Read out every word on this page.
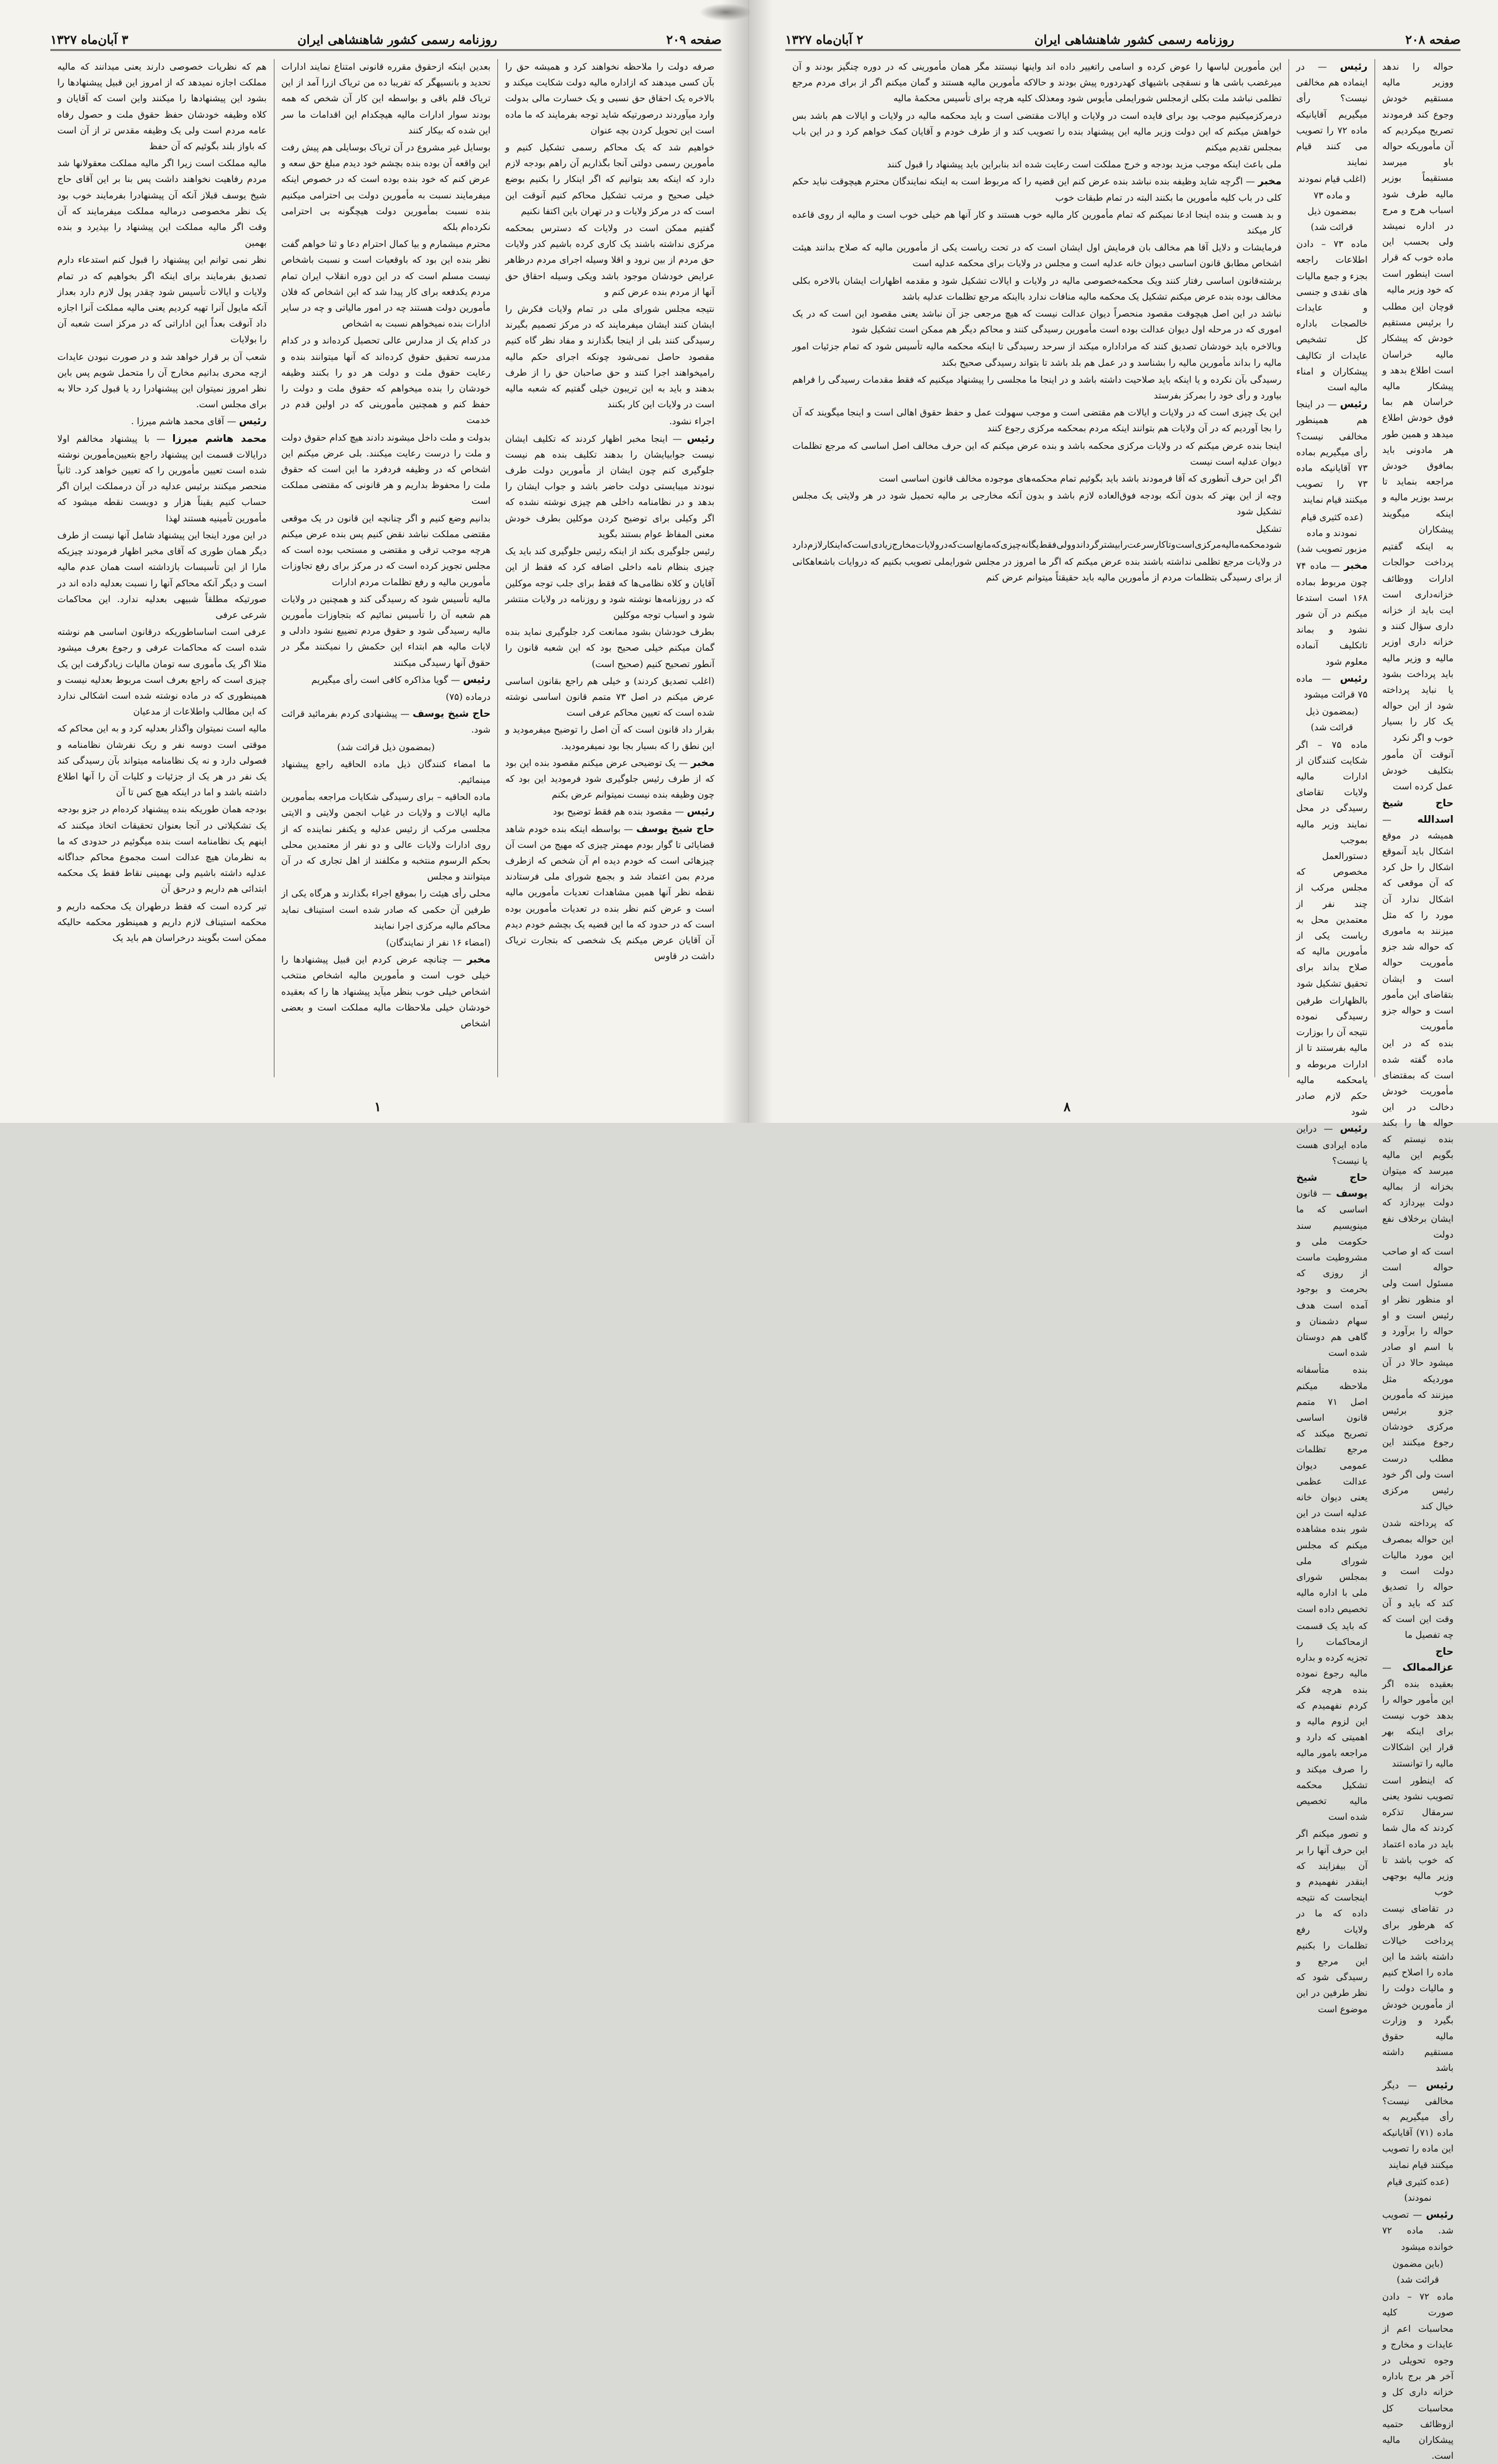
صفحه ۲۰۹
روزنامه رسمی کشور شاهنشاهی ایران
۳ آبان‌ماه ۱۳۲۷

صرفه دولت را ملاحظه نخواهند کرد و همیشه حق را بآن کسی میدهند که ازاداره مالیه دولت شکایت میکند و بالاخره یک احقاق حق نسبی و یک خسارت مالی بدولت وارد میآوردند درصورتیکه شاید توجه بفرمایند که ما ماده است این تحویل کردن بچه عنوان

خواهیم شد که یک محاکم رسمی تشکیل کنیم و مأمورین رسمی دولتی آنجا بگذاریم آن راهم بودجه لازم دارد که اینکه بعد بتوانیم که اگر اینکار را بکنیم بوضع خیلی صحیح و مرتب تشکیل محاکم کنیم آنوقت این است که در مرکز ولایات و در تهران باین اکتفا نکنیم

گفتیم ممکن است در ولایات که دسترس بمحکمه مرکزی نداشته باشند یک کاری کرده باشیم کدر ولایات حق مردم از بین نرود و اقلا وسیله اجرای مردم درظاهر عرایض خودشان موجود باشد ویکی وسیله احقاق حق آنها از مردم بنده عرض کنم و

نتیجه مجلس شورای ملی در تمام ولایات فکرش را ایشان کنند ایشان میفرمایند که در مرکز تصمیم بگیرند رسیدگی کنند بلی از اینجا بگذارند و مفاد نظر گاه کنیم مقصود حاصل نمی‌شود چونکه اجرای حکم مالیه رامیخواهند اجرا کنند و حق صاحبان حق را از طرف بدهند و باید به این تریبون خیلی گفتیم که شعبه مالیه است در ولایات این کار بکنند

اجراء نشود.

رئیس — اینجا مخبر اظهار کردند که تکلیف ایشان نیست جوابیایشان را بدهند تکلیف بنده هم نیست جلوگیری کنم چون ایشان از مأمورین دولت طرف نبودند میبایستی دولت حاضر باشد و جواب ایشان را بدهد و در نظامنامه داخلی هم چیزی نوشته نشده که اگر وکیلی برای توضیح کردن موکلین بطرف خودش معنی المفاظ عوام بستند بگوید

رئیس جلوگیری بکند از اینکه رئیس جلوگیری کند باید یک چیزی بنظام نامه داخلی اضافه کرد که فقط از این آقایان و کلاه نظامی‌ها که فقط برای جلب توجه موکلین که در روزنامه‌ها نوشته شود و روزنامه در ولایات منتشر شود و اسباب توجه موکلین

بطرف خودشان بشود ممانعت کرد جلوگیری نماید بنده گمان میکنم خیلی صحیح بود که این شعبه قانون را آنطور تصحیح کنیم (صحیح است)

(اغلب تصدیق کردند) و خیلی هم راجع بقانون اساسی عرض میکنم در اصل ۷۳ متمم قانون اساسی نوشته شده است که تعیین محاکم عرفی است

بقرار داد قانون است که آن اصل را توضیح میفرمودید و این نطق را که بسیار بجا بود نمیفرمودید.

مخبر — یک توضیحی عرض میکنم مقصود بنده این بود که از طرف رئیس جلوگیری شود فرمودید این بود که چون وظیفه بنده نیست نمیتوانم عرض بکنم

رئیس — مقصود بنده هم فقط توضیح بود

حاج شیخ یوسف — بواسطه اینکه بنده خودم شاهد قضایائی تا گوار بودم مهمتر چیزی که مهیج من است آن چیزهائی است که خودم دیده ام آن شخص که ازطرف مردم بمن اعتماد شد و بجمع شورای ملی فرستادند نقطه نظر آنها همین مشاهدات تعدیات مأمورین مالیه است و عرض کنم نظر بنده در تعدیات مأمورین بوده است که در حدود که ما این قضیه یک بچشم خودم دیدم آن آقایان عرض میکنم یک شخصی که بتجارت تریاک داشت در قاوس

بعدین اینکه ازحقوق مقرره قانونی امتناع نمایند ادارات تحدید و بانسیهگر که تفریبا ده من تریاک ازرا آمد از این تریاک قلم باقی و بواسطه این کار آن شخص که همه بودند سوار ادارات مالیه هیچکدام این اقدامات ما سر این شده که بیکار کنند

بوسایل غیر مشروع در آن تریاک بوسایلی هم پیش رفت این واقعه آن بوده بنده بچشم خود دیدم مبلغ حق سعه و عرض کنم که خود بنده بوده است که در خصوص اینکه میفرمایند نسبت به مأمورین دولت بی احترامی میکنیم بنده نسبت بمأمورین دولت هیچگونه بی احترامی نکرده‌ام بلکه

محترم میشمارم و بیا کمال احترام دعا و ثنا خواهم گفت نظر بنده این بود که باوقعیات است و نسبت باشخاص نیست مسلم است که در این دوره انقلاب ایران تمام مردم یکدفعه برای کار پیدا شد که این اشخاص که فلان مأمورین دولت هستند چه در امور مالیاتی و چه در سایر ادارات بنده نمیخواهم نسبت به اشخاص

در کدام یک از مدارس عالی تحصیل کرده‌اند و در کدام مدرسه تحقیق حقوق کرده‌اند که آنها میتوانند بنده و رعایت حقوق ملت و دولت هر دو را بکنند وظیفه خودشان را بنده میخواهم که حقوق ملت و دولت را حفظ کنم و همچنین مأمورینی که در اولین قدم در خدمت

بدولت و ملت داخل میشوند دادند هیچ کدام حقوق دولت و ملت را درست رعایت میکنند. بلی عرض میکنم این اشخاص که در وظیفه فردفرد ما این است که حقوق ملت را محفوظ بداریم و هر قانونی که مقتضی مملکت است

بدانیم وضع کنیم و اگر چنانچه این قانون در یک موقعی مقتضی مملکت نباشد نقض کنیم پس بنده عرض میکنم هرچه موجب ترقی و مقتضی و مستحب بوده است که مجلس تجویز کرده است که در مرکز برای رفع تجاوزات مأمورین مالیه و رفع تظلمات مردم ادارات

مالیه تأسیس شود که رسیدگی کند و همچنین در ولایات هم شعبه آن را تأسیس نمائیم که بتجاوزات مأمورین مالیه رسیدگی شود و حقوق مردم تضییع نشود دادلی و لایات مالیه هم ابتداء این حکمش را نمیکنند مگر در حقوق آنها رسیدگی میکنند

رئیس — گویا مذاکره کافی است رأی میگیریم

درماده (۷۵)

حاج شیخ یوسف — پیشنهادی کردم بفرمائید قرائت شود.

(بمضمون ذیل قرائت شد)

ما امضاء کنندگان ذیل ماده الحاقیه راجع پیشنهاد مینمائیم.

ماده الحاقیه – برای رسیدگی شکایات مراجعه بمأمورین مالیه ایالات و ولایات در غیاب انجمن ولایتی و الایتی مجلسی مرکب از رئیس عدلیه و یکنفر نماینده که از روی ادارات ولایات عالی و دو نفر از معتمدین محلی بحکم الرسوم منتخبه و مکلفند از اهل تجاری که در آن میتوانند و مجلس

محلی رأی هیئت را بموقع اجراء بگذارند و هرگاه یکی از طرفین آن حکمی که صادر شده است استیناف نماید محاکم مالیه مرکزی اجرا نمایند

(امضاء ۱۶ نفر از نمایندگان)

مخبر — چنانچه عرض کردم این قبیل پیشنهادها را خیلی خوب است و مأمورین مالیه اشخاص منتخب اشخاص خیلی خوب بنظر میآید پیشنهاد ها را که بعقیده خودشان خیلی ملاحظات مالیه مملکت است و بعضی اشخاص

هم که نظریات خصوصی دارند یعنی میدانند که مالیه مملکت اجازه نمیدهد که از امروز این قبیل پیشنهادها را بشود این پیشنهادها را میکنند واین است که آقایان و کلاه وظیفه خودشان حفظ حقوق ملت و حصول رفاه عامه مردم است ولی یک وظیفه مقدس تر از آن است که باواز بلند بگوئیم که آن حفظ

مالیه مملکت است زیرا اگر مالیه مملکت معقولانها شد مردم رفاهیت نخواهند داشت پس بنا بر این آقای حاج شیخ یوسف قبلاز آنکه آن پیشنهادرا بفرمایند خوب بود یک نظر مخصوصی درمالیه مملکت میفرمایند که آن وقت اگر مالیه مملکت این پیشنهاد را بپذیرد و بنده بهمین

نظر نمی توانم این پیشنهاد را قبول کنم استدعاء دارم تصدیق بفرمایند برای اینکه اگر بخواهیم که در تمام ولایات و ایالات تأسیس شود چقدر پول لازم دارد بعداز آنکه مایول آنرا تهیه کردیم یعنی مالیه مملکت آنرا اجازه داد آنوقت بعداً این اداراتی که در مرکز است شعبه آن را بولایات

شعب آن بر قرار خواهد شد و در صورت نبودن عایدات ازچه محری بدانیم مخارج آن را متحمل شویم پس باین نظر امروز نمیتوان این پیشنهادرا رد یا قبول کرد حالا به برای مجلس است.

رئیس — آقای محمد هاشم میرزا .

محمد هاشم میرزا — با پیشنهاد مخالفم اولا درایالات‌ قسمت این پیشنهاد راجع بتعیین‌مأمورین نوشته شده است تعیین مأمورین را که تعیین خواهد کرد. ثانیاً منحصر میکنند برئیس عدلیه در آن درمملکت ایران اگر حساب کنیم یقیناً هزار و دویست نقطه میشود که مأمورین تأمینیه هستند لهذا

در این مورد اینجا این پیشنهاد شامل آنها نیست از طرف دیگر همان طوری که آقای مخبر اظهار فرمودند چیزیکه مارا از این تأسیسات بازداشته است همان عدم مالیه است و دیگر آنکه محاکم آنها را نسبت بعدلیه داده اند در صورتیکه مطلقاً شبیهی بعدلیه ندارد. این محاکمات شرعی عرفی

عرفی است اساساطوریکه درقانون اساسی هم نوشته شده است که محاکمات عرفی و رجوع بعرف میشود مثلا اگر یک مأموری سه تومان مالیات زیادگرفت این یک چیزی است که راجع بعرف است مربوط بعدلیه نیست و همینطوری که در ماده نوشته شده است اشکالی ندارد که این مطالب واطلاعات از مدعیان

مالیه است نمیتوان واگذار بعدلیه کرد و به این محاکم که موقتی است دوسه نفر و ریک نفرشان نظامنامه و فصولی دارد و نه یک نظامنامه میتواند بآن رسیدگی کند یک نفر در هر یک از جزئیات و کلیات آن را آنها اطلاع داشته باشد و اما در اینکه هیچ کس تا آن

بودجه همان طوریکه بنده پیشنهاد کرده‌ام در جزو بودجه یک تشکیلاتی در آنجا بعنوان تحقیقات اتخاذ میکنند که اینهم یک نظامنامه است بنده میگوئیم در حدودی که ما به نظرمان هیچ عدالت است مجموع محاکم جداگانه عدلیه داشته باشیم ولی بهمینی نقاط فقط یک محکمه ابتدائی هم داریم و درحق آن

تیر کرده است که فقط درطهران یک محکمه داریم و محکمه استیناف لازم داریم و همینطور محکمه حالیکه ممکن است بگویند درخراسان هم باید یک

۱
صفحه ۲۰۸
روزنامه رسمی کشور شاهنشاهی ایران
۲ آبان‌ماه ۱۳۲۷

حواله را ندهد ووزیر مالیه مستقیم خودش وجوع کند فرمودند تصریح میکردیم که آن مأموریکه حواله باو میرسد مستقیماً بوزیر مالیه طرف شود اسباب هرج و مرج در اداره نمیشد ولی بحسب این ماده خوب که قرار است اینطور است که خود وزیر مالیه

قوچان این مطلب را برئیس مستقیم خودش که پیشکار مالیه خراسان است اطلاع بدهد و پیشکار مالیه خراسان هم بما فوق خودش اطلاع میدهد و همین طور هر مادونی باید بمافوق خودش مراجعه بنماید تا برسد بوزیر مالیه و اینکه میگویند پیشکاران

به اینکه گفتیم پرداخت حوالجات ادارات ووظائف خزانه‌داری است ایت باید از خزانه داری سؤال کنند و خزانه داری اوزیر مالیه و وزیر مالیه باید پرداخت بشود یا نباید پرداخته شود از این حواله یک کار را بسیار خوب و اگر نکرد

آنوقت آن مأمور بتکلیف خودش عمل کرده است

حاج شیخ اسدالله — همیشه در موقع اشکال باید آنموقع اشکال را حل کرد که آن موقعی که اشکال ندارد آن مورد را که مثل میزنند به ماموری که حواله شد جزو مأموریت حواله است و ایشان بتقاضای این مأمور است و حواله جزو مأموریت

بنده که در این ماده گفته شده است که بمقتضای مأموریت خودش دخالت در این حواله ها را بکند بنده نیستم که بگویم این مالیه میرسد که میتوان بخزانه از بمالیه دولت بپردازد که ایشان برخلاف نفع دولت

است که او صاحب حواله است مسئول است ولی او منظور نظر او رئیس است و او حواله را برآورد و با اسم او صادر میشود حالا در آن موردیکه مثل میزنند که مأمورین جزو برئیس مرکزی خودشان رجوع میکنند این مطلب درست است ولی اگر خود رئیس مرکزی خیال کند

که پرداخته شدن این حواله بمصرف این مورد مالیات دولت است و حواله را تصدیق کند که باید و آن وقت این است که چه تفصیل ما

حاج عزالممالک — بعقیده بنده اگر این مأمور حواله را بدهد خوب نیست برای اینکه بهر قرار این اشکالات مالیه را توانستند

که اینطور است تصویب نشود یعنی سرمقال تذکره کردند که مال شما باید در ماده اعتماد که خوب باشد تا وزیر مالیه بوجهی خوب

در تقاضای نیست که هرطور برای پرداخت خیالات داشته باشد ما این ماده را اصلاح کنیم و مالیات دولت را از مأمورین خودش بگیرد و وزارت مالیه حقوق مستقیم داشته باشد

رئیس — دیگر مخالفی نیست؟ رأی میگیریم به ماده (۷۱) آقایانیکه این ماده را تصویب میکنند قیام نمایند

(عده کثیری قیام نمودند)

رئیس — تصویب شد. ماده ۷۲ خوانده میشود

(باین مضمون قرائت شد)

ماده ۷۲ – دادن صورت کلیه محاسبات اعم از عایدات و مخارج و وجوه تحویلی در آخر هر برج باداره خزانه داری کل و محاسبات کل ازوظائف حتمیه پیشکاران مالیه است.

رئیس — در اینماده هم مخالفی نیست؟ رأی میگیریم آقایانیکه ماده ۷۲ را تصویب می کنند قیام نمایند

(اغلب قیام نمودند و ماده ۷۳ بمضمون ذیل قرائت شد)

ماده ۷۳ – دادن اطلاعات راجعه بجزء و جمع مالیات های نقدی و جنسی و عایدات خالصجات باداره کل تشخیص عایدات از تکالیف پیشکاران و امناء مالیه است

رئیس — در اینجا هم همینطور مخالفی نیست؟ رأی میگیریم بماده ۷۳ آقایانیکه ماده ۷۳ را تصویب میکنند قیام نمایند

(عده کثیری قیام نمودند و ماده مزبور تصویب شد)

مخبر — ماده ۷۴ چون مربوط بماده ۱۶۸ است استدعا میکنم در آن شور نشود و بماند تاتکلیف آنماده معلوم شود

رئیس — ماده ۷۵ قرائت میشود

(بمضمون ذیل قرائت شد)

ماده ۷۵ – اگر شکایت کنندگان از ادارات مالیه ولایات تقاضای رسیدگی در محل نمایند وزیر مالیه بموجب دستورالعمل مخصوص که مجلس مرکب از چند نفر از معتمدین محل به ریاست یکی از مأمورین مالیه که صلاح بداند برای تحقیق تشکیل شود

بالظهارات طرفین رسیدگی نموده نتیجه آن را بوزارت مالیه بفرستند تا از ادارات مربوطه و یامحکمه مالیه حکم لازم صادر شود

رئیس — دراین ماده ایرادی هست یا نیست؟

حاج شیخ یوسف — قانون اساسی که ما مینویسیم سند حکومت ملی و مشروطیت ماست از روزی که بحرمت و بوجود آمده است هدف سهام دشمنان و گاهی هم دوستان شده است

بنده متأسفانه ملاحظه میکنم اصل ۷۱ متمم قانون اساسی تصریح میکند که مرجع تظلمات عمومی دیوان عدالت عظمی یعنی دیوان خانه عدلیه است در این شور بنده مشاهده میکنم که مجلس شورای ملی بمجلس شورای ملی با اداره مالیه تخصیص داده است

که باید یک قسمت ازمحاکمات را تجزیه کرده و بداره مالیه رجوع نموده بنده هرچه فکر کردم نفهمیدم که این لزوم مالیه و اهمیتی که دارد و مراجعه بامور مالیه را صرف میکند و تشکیل محکمه مالیه تخصیص شده است

و تصور میکنم اگر این حرف آنها را بر آن بیفزایند که اینقدر نفهمیدم و اینجاست که نتیجه داده که ما در ولایات رفع تظلمات را بکنیم این مرجع و رسیدگی شود که نظر طرفین در این موضوع است

این مأمورین لباسها را عوض کرده و اسامی راتغییر داده اند واینها نیستند مگر همان مأمورینی که در دوره چنگیز بودند و آن میرغضب باشی ها و نسقچی باشیهای کهدردوره پیش بودند و حالاکه مأمورین مالیه هستند و گمان میکنم اگر از برای مردم مرجع تظلمی نباشد ملت بکلی ازمجلس شورایملی مأیوس شود ومعذلک کلیه هرچه برای تأسیس محکمهٔ مالیه

درمرکزمیکنیم موجب بود برای فایده است در ولایات و ایالات مقتضی است و باید محکمه مالیه در ولایات و ایالات هم باشد بس خواهش میکنم که این دولت وزیر مالیه این پیشنهاد بنده را تصویب کند و از طرف خودم و آقایان کمک خواهم کرد و در این باب بمجلس تقدیم میکنم

ملی باعث اینکه موجب مزید بودجه و خرج مملکت است رعایت شده اند بنابراین باید پیشنهاد را قبول کنند

مخبر — اگرچه شاید وظیفه بنده نباشد بنده عرض کنم این قضیه را که مربوط است به اینکه نمایندگان محترم هیچوقت نباید حکم کلی در باب کلیه مأمورین ما بکنند البته در تمام طبقات خوب

و بد هست و بنده اینجا ادعا نمیکنم که تمام مأمورین کار مالیه خوب هستند و کار آنها هم خیلی خوب است و مالیه از روی قاعده کار میکند

فرمایشات و دلایل آقا هم مخالف بان فرمایش اول ایشان است که در تحت ریاست یکی از مأمورین مالیه که صلاح بدانند هیئت اشخاص مطابق قانون اساسی دیوان خانه عدلیه است و مجلس در ولایات برای محکمه عدلیه است

برشته‌قانون اساسی رفتار کنند ویک محکمه‌خصوصی مالیه در ولایات و ایالات تشکیل شود و مقدمه اظهارات ایشان بالاخره بکلی مخالف بوده بنده عرض میکنم تشکیل یک محکمه مالیه منافات ندارد بااینکه مرجع تظلمات عدلیه باشد

نباشد در این اصل هیچوقت مقصود منحصراً دیوان عدالت نیست که هیچ مرجعی جز آن نباشد یعنی مقصود این است که در یک اموری که در مرحله اول دیوان عدالت بوده است مأمورین رسیدگی کنند و محاکم دیگر هم ممکن است تشکیل شود

وبالاخره باید خودشان تصدیق کنند که مراداداره میکند از سرحد رسیدگی تا اینکه محکمه مالیه تأسیس شود که تمام جزئیات امور مالیه را بداند مأمورین مالیه را بشناسد و در عمل هم بلد باشد تا بتواند رسیدگی صحیح بکند

رسیدگی بآن نکرده و یا اینکه باید صلاحیت داشته باشد و در اینجا ما مجلسی را پیشنهاد میکنیم که فقط مقدمات رسیدگی را فراهم بیاورد و رأی خود را بمرکز بفرستد

این یک چیزی است که در ولایات و ایالات هم مقتضی است و موجب سهولت عمل و حفظ حقوق اهالی است و اینجا میگویند که آن را بجا آوردیم که در آن ولایات هم بتوانند اینکه مردم بمحکمه مرکزی رجوع کنند

اینجا بنده عرض میکنم که در ولایات مرکزی محکمه باشد و بنده عرض میکنم که این حرف مخالف اصل اساسی که مرجع تظلمات دیوان عدلیه است نیست

اگر این حرف آنطوری که آقا فرمودند باشد باید بگوئیم تمام محکمه‌های موجوده مخالف قانون اساسی است

وچه از این بهتر که بدون آنکه بودجه فوق‌العاده لازم باشد و بدون آنکه مخارجی بر مالیه تحمیل شود در هر ولایتی یک مجلس تشکیل شود

تشکیل شودمحکمه‌مالیه‌مرکزی‌است‌و‌تا‌کار‌سرعت‌را‌بیشتر‌گرداند‌و‌ولی‌فقط‌یگانه‌چیزی‌که‌مانع‌است‌که‌در‌ولایات‌مخارج‌زیادی‌است‌که‌اینکار‌لازم‌دارد

در ولایات مرجع تظلمی نداشته باشند بنده عرض میکنم که اگر ما امروز در مجلس شورایملی تصویب بکنیم که دروایات باشعاهکانی از برای رسیدگی بتظلمات مردم از مأمورین مالیه باید حقیقتاً میتوانم عرض کنم

۸
